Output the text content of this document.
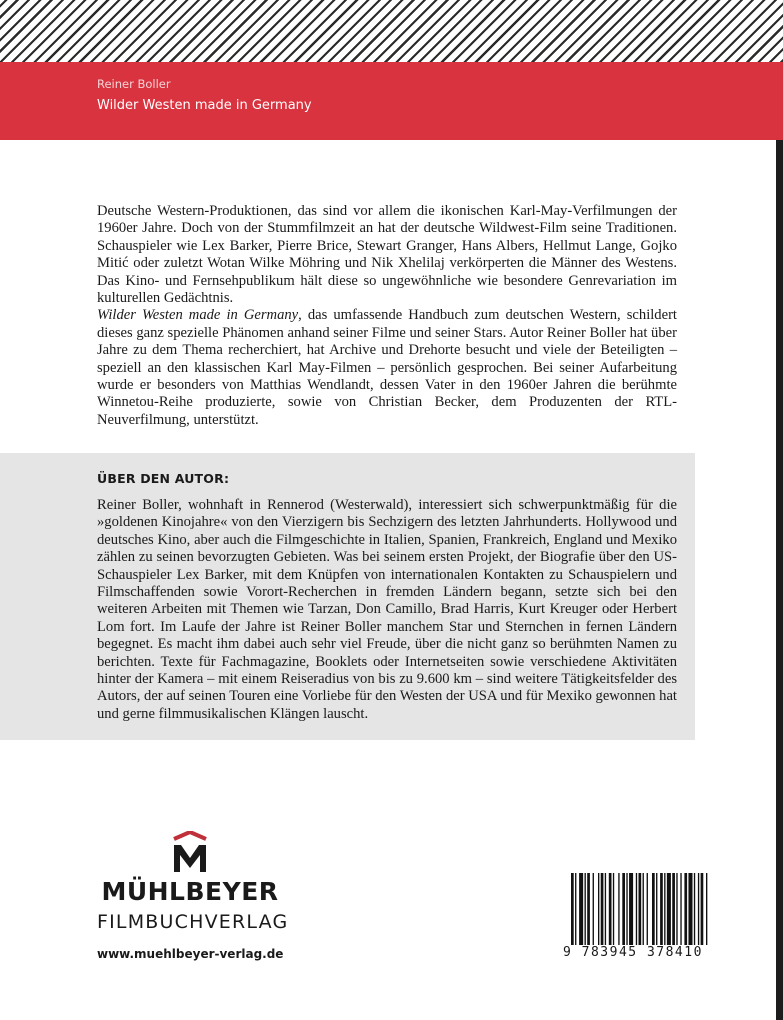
Reiner Boller
Wilder Westen made in Germany

Deutsche Western-Produktionen, das sind vor allem die ikonischen Karl-May-Verfilmungen der 1960er Jahre. Doch von der Stummfilmzeit an hat der deutsche Wildwest-Film seine Traditionen. Schauspieler wie Lex Barker, Pierre Brice, Stewart Granger, Hans Albers, Hellmut Lange, Gojko Mitić oder zuletzt Wotan Wilke Möhring und Nik Xhelilaj verkörperten die Männer des Westens. Das Kino- und Fernsehpublikum hält diese so ungewöhnliche wie besondere Genrevariation im kulturellen Gedächtnis.

Wilder Westen made in Germany, das umfassende Handbuch zum deutschen Western, schildert dieses ganz spezielle Phänomen anhand seiner Filme und seiner Stars. Autor Reiner Boller hat über Jahre zu dem Thema recherchiert, hat Archive und Drehorte besucht und viele der Beteiligten – speziell an den klassischen Karl May-Filmen – persönlich gesprochen. Bei seiner Aufarbeitung wurde er besonders von Matthias Wendlandt, dessen Vater in den 1960er Jahren die berühmte Winnetou-Reihe produzierte, sowie von Christian Becker, dem Produzenten der RTL-Neuverfilmung, unterstützt.

ÜBER DEN AUTOR:

Reiner Boller, wohnhaft in Rennerod (Westerwald), interessiert sich schwerpunktmäßig für die »goldenen Kinojahre« von den Vierzigern bis Sechzigern des letzten Jahrhunderts. Hollywood und deutsches Kino, aber auch die Filmgeschichte in Italien, Spanien, Frankreich, England und Mexiko zählen zu seinen bevorzugten Gebieten. Was bei seinem ersten Projekt, der Biografie über den US-Schauspieler Lex Barker, mit dem Knüpfen von internationalen Kontakten zu Schauspielern und Filmschaffenden sowie Vorort-Recherchen in fremden Ländern begann, setzte sich bei den weiteren Arbeiten mit Themen wie Tarzan, Don Camillo, Brad Harris, Kurt Kreuger oder Herbert Lom fort. Im Laufe der Jahre ist Reiner Boller manchem Star und Sternchen in fernen Ländern begegnet. Es macht ihm dabei auch sehr viel Freude, über die nicht ganz so berühmten Namen zu berichten. Texte für Fachmagazine, Booklets oder Internetseiten sowie verschiedene Aktivitäten hinter der Kamera – mit einem Reiseradius von bis zu 9.600 km – sind weitere Tätigkeitsfelder des Autors, der auf seinen Touren eine Vorliebe für den Westen der USA und für Mexiko gewonnen hat und gerne filmmusikalischen Klängen lauscht.

MÜHLBEYER
FILMBUCHVERLAG
www.muehlbeyer-verlag.de	9 783945 378410
